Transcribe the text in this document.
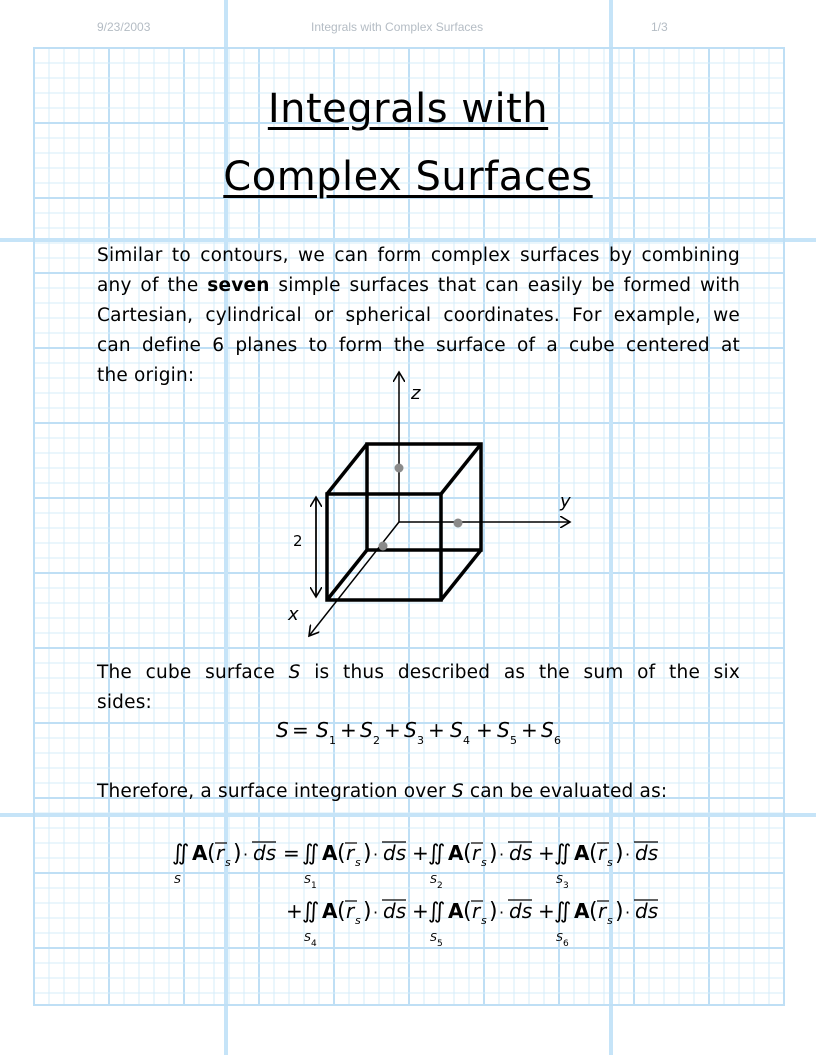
9/23/2003	Integrals with Complex Surfaces	1/3
Integrals with
Complex Surfaces
Similar to contours, we can form complex surfaces by combining
any of the seven simple surfaces that can easily be formed with
Cartesian, cylindrical or spherical coordinates. For example, we
can define 6 planes to form the surface of a cube centered at
the origin:
z
y
x
2
The cube surface S is thus described as the sum of the six
sides:
S = S 1 + S 2 + S 3 + S 4 + S 5 + S 6
Therefore, a surface integration over S can be evaluated as:
∬
S
A ( r s ) · ds = ∬
S 1
A ( r s ) · ds + ∬
S 2
A ( r s ) · ds + ∬
S 3
A ( r s ) · ds
+ ∬
S 4
A ( r s ) · ds + ∬
S 5
A ( r s ) · ds + ∬
S 6
A ( r s ) · ds
